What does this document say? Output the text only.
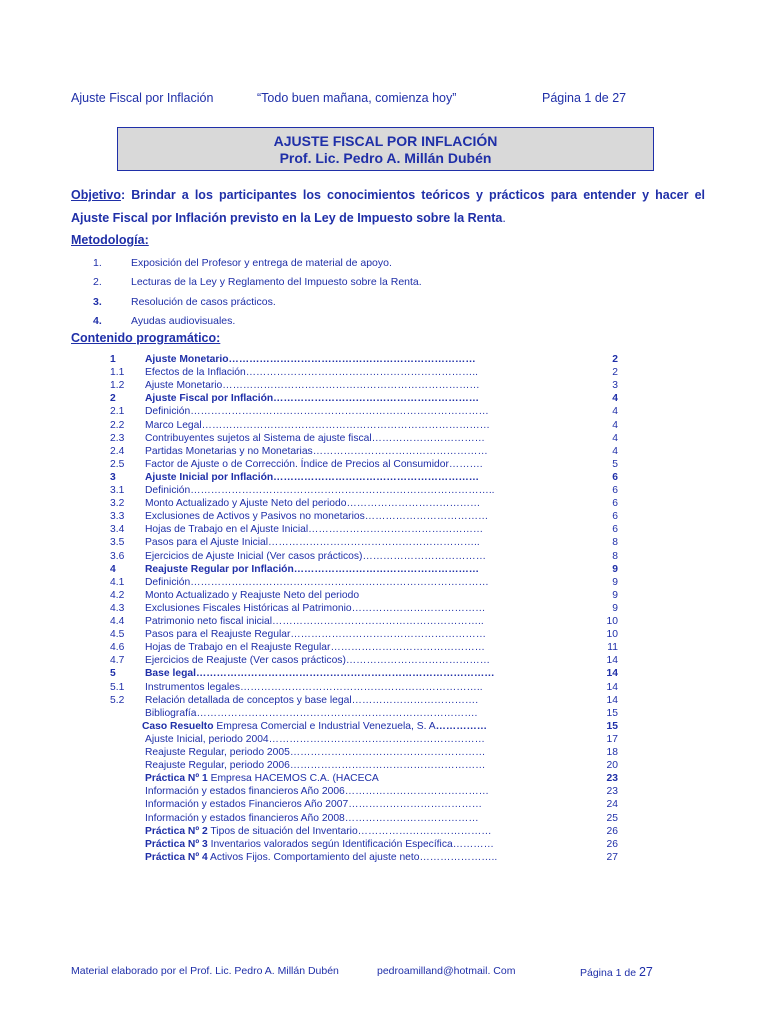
Ajuste Fiscal por Inflación	“Todo buen mañana, comienza hoy”	Página 1 de 27
AJUSTE FISCAL POR INFLACIÓN
Prof. Lic. Pedro A. Millán Dubén
Objetivo: Brindar a los participantes los conocimientos teóricos y prácticos para entender y hacer el
Ajuste Fiscal por Inflación previsto en la Ley de Impuesto sobre la Renta.
Metodología:
1.	Exposición del Profesor y entrega de material de apoyo.
2.	Lecturas de la Ley y Reglamento del Impuesto sobre la Renta.
3.	Resolución de casos prácticos.
4.	Ayudas audiovisuales.
Contenido programático:
1	Ajuste Monetario………………………………………………………………	2
1.1 Efectos de la Inflación…………………………………………………………..	2
1.2 Ajuste Monetario…………………………………………………………………	3
2	Ajuste Fiscal por Inflación……………………………………………………	4
2.1 Definición……………………………………………………………………………	4
2.2 Marco Legal…………………………………………………………………………	4
2.3 Contribuyentes sujetos al Sistema de ajuste fiscal……………………………	4
2.4 Partidas Monetarias y no Monetarias……………………………………………	4
2.5 Factor de Ajuste o de Corrección. Índice de Precios al Consumidor……….	5
3	Ajuste Inicial por Inflación……………………………………………………	6
3.1 Definición……………………………………………………………………………..	6
3.2 Monto Actualizado y Ajuste Neto del periodo…………………………………	6
3.3 Exclusiones de Activos y Pasivos no monetarios………………………………	6
3.4 Hojas de Trabajo en el Ajuste Inicial……………………………………………	6
3.5 Pasos para el Ajuste Inicial……………………………………………………..	8
3.6 Ejercicios de Ajuste Inicial (Ver casos prácticos)………………………………	8
4	Reajuste Regular por Inflación………………………………………………	9
4.1 Definición……………………………………………………………………………	9
4.2 Monto Actualizado y Reajuste Neto del periodo	9
4.3 Exclusiones Fiscales Históricas al Patrimonio…………………………………	9
4.4 Patrimonio neto fiscal inicial……………………………………………………..	10
4.5 Pasos para el Reajuste Regular…………………………………………………	10
4.6 Hojas de Trabajo en el Reajuste Regular………………………………………	11
4.7 Ejercicios de Reajuste (Ver casos prácticos)……………………………………	14
5	Base legal……………………………………………………………………………	14
5.1 Instrumentos legales……………………………………………………………..	14
5.2 Relación detallada de conceptos y base legal……………………………….	14
Bibliografía……………………………………………………………………….	15
Caso Resuelto Empresa Comercial e Industrial Venezuela, S. A……………	15
Ajuste Inicial, periodo 2004………………………………………………………	17
Reajuste Regular, periodo 2005…………………………………………………	18
Reajuste Regular, periodo 2006…………………………………………………	20
Práctica Nº 1 Empresa HACEMOS C.A. (HACECA	23
Información y estados financieros Año 2006……………………………………	23
Información y estados Financieros Año 2007…………………………………	24
Información y estados financieros Año 2008…………………………………	25
Práctica Nº 2 Tipos de situación del Inventario…………………………………	26
Práctica Nº 3 Inventarios valorados según Identificación Específica…………	26
Práctica Nº 4 Activos Fijos. Comportamiento del ajuste neto…………………..	27
Material elaborado por el Prof. Lic. Pedro A. Millán Dubén	pedroamilland@hotmail. Com	Página 1 de 27
